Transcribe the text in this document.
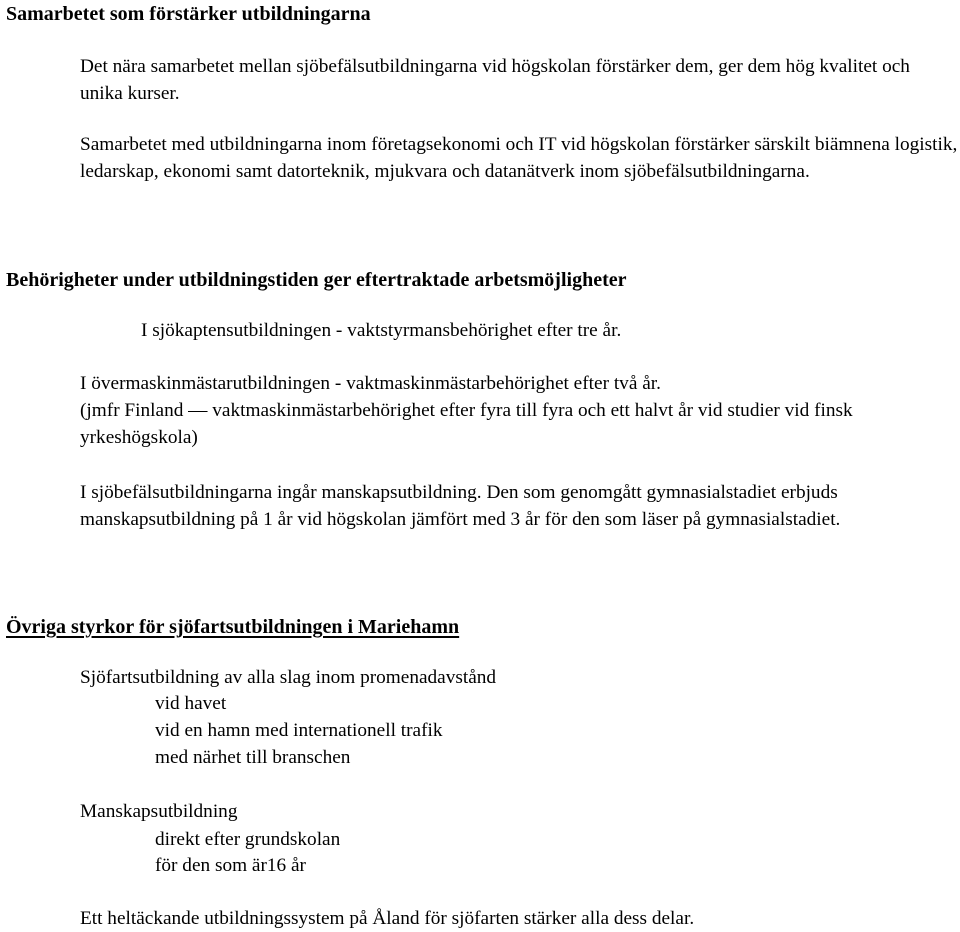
Samarbetet som förstärker utbildningarna

Det nära samarbetet mellan sjöbefälsutbildningarna vid högskolan förstärker dem, ger dem hög kvalitet och unika kurser.

Samarbetet med utbildningarna inom företagsekonomi och IT vid högskolan förstärker särskilt biämnena logistik, ledarskap, ekonomi samt datorteknik, mjukvara och datanätverk inom sjöbefälsutbildningarna.

Behörigheter under utbildningstiden ger eftertraktade arbetsmöjligheter

I sjökaptensutbildningen - vaktstyrmansbehörighet efter tre år.

I övermaskinmästarutbildningen - vaktmaskinmästarbehörighet efter två år.

(jmfr Finland — vaktmaskinmästarbehörighet efter fyra till fyra och ett halvt år vid studier vid finsk yrkeshögskola)

I sjöbefälsutbildningarna ingår manskapsutbildning. Den som genomgått gymnasialstadiet erbjuds manskapsutbildning på 1 år vid högskolan jämfört med 3 år för den som läser på gymnasialstadiet.

Övriga styrkor för sjöfartsutbildningen i Mariehamn

Sjöfartsutbildning av alla slag inom promenadavstånd

vid havet

vid en hamn med internationell trafik

med närhet till branschen

Manskapsutbildning

direkt efter grundskolan

för den som är16 år

Ett heltäckande utbildningssystem på Åland för sjöfarten stärker alla dess delar.
